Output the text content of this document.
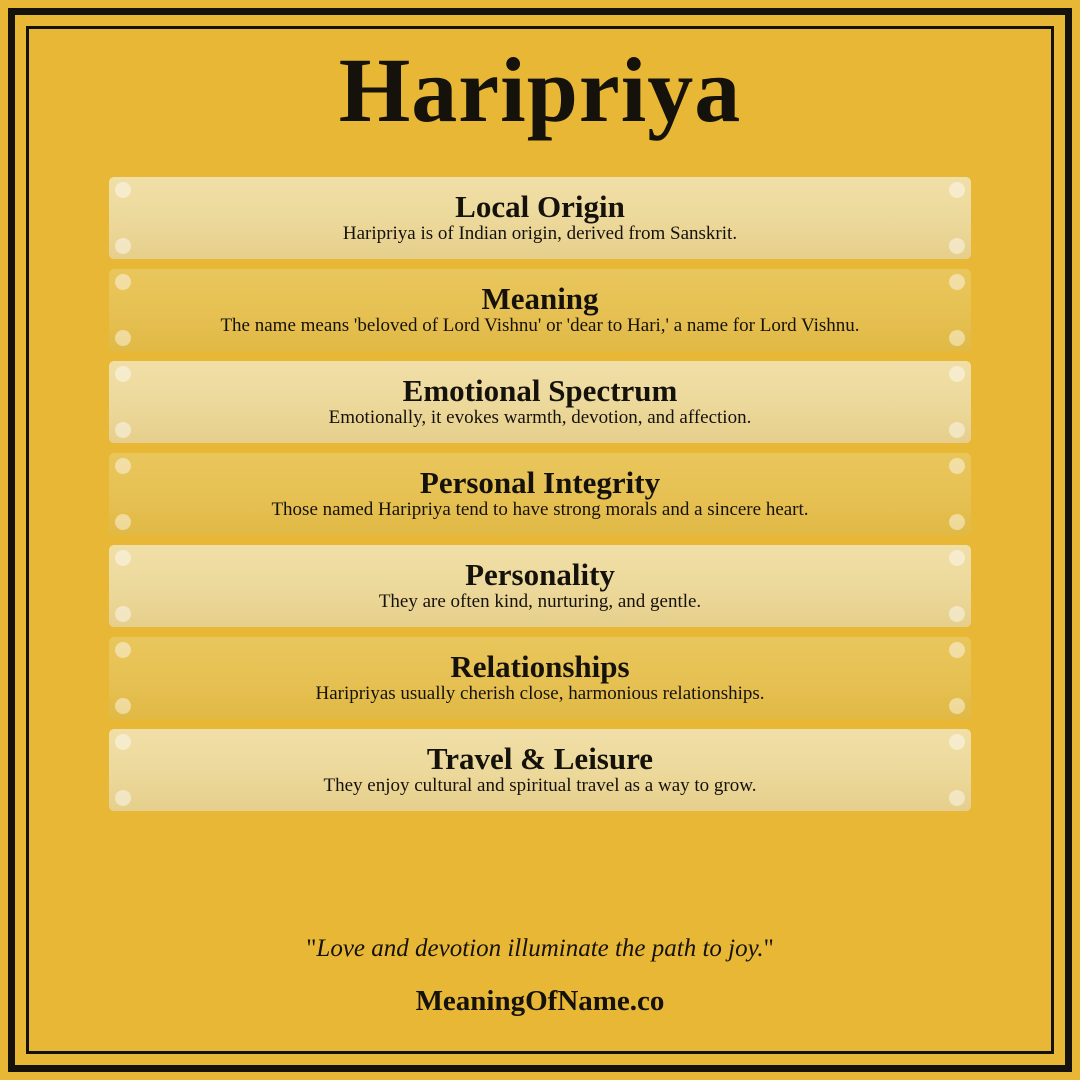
Haripriya
Local Origin
Haripriya is of Indian origin, derived from Sanskrit.
Meaning
The name means 'beloved of Lord Vishnu' or 'dear to Hari,' a name for Lord Vishnu.
Emotional Spectrum
Emotionally, it evokes warmth, devotion, and affection.
Personal Integrity
Those named Haripriya tend to have strong morals and a sincere heart.
Personality
They are often kind, nurturing, and gentle.
Relationships
Haripriyas usually cherish close, harmonious relationships.
Travel & Leisure
They enjoy cultural and spiritual travel as a way to grow.
"Love and devotion illuminate the path to joy."
MeaningOfName.co
